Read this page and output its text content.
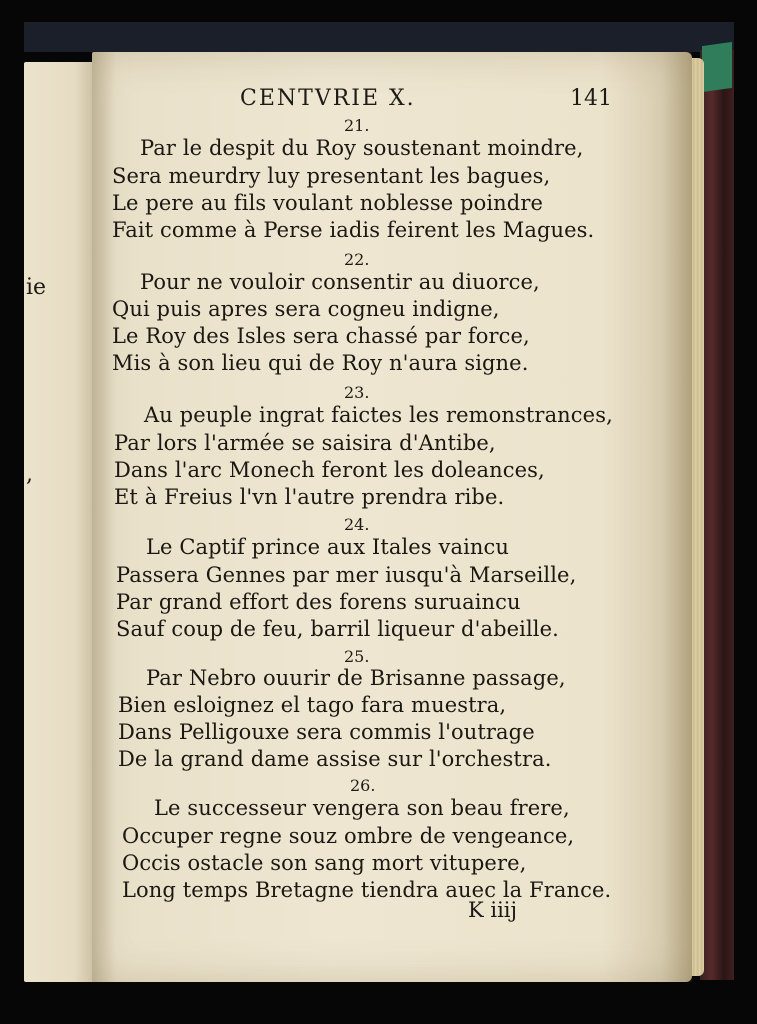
ie
,
CENTVRIE X.	141
21.
Par le despit du Roy soustenant moindre,
Sera meurdry luy presentant les bagues,
Le pere au fils voulant noblesse poindre
Fait comme à Perse iadis feirent les Magues.
22.
Pour ne vouloir consentir au diuorce,
Qui puis apres sera cogneu indigne,
Le Roy des Isles sera chassé par force,
Mis à son lieu qui de Roy n'aura signe.
23.
Au peuple ingrat faictes les remonstrances,
Par lors l'armée se saisira d'Antibe,
Dans l'arc Monech feront les doleances,
Et à Freius l'vn l'autre prendra ribe.
24.
Le Captif prince aux Itales vaincu
Passera Gennes par mer iusqu'à Marseille,
Par grand effort des forens suruaincu
Sauf coup de feu, barril liqueur d'abeille.
25.
Par Nebro ouurir de Brisanne passage,
Bien esloignez el tago fara muestra,
Dans Pelligouxe sera commis l'outrage
De la grand dame assise sur l'orchestra.
26.
Le successeur vengera son beau frere,
Occuper regne souz ombre de vengeance,
Occis ostacle son sang mort vitupere,
Long temps Bretagne tiendra auec la France.
K iiij
